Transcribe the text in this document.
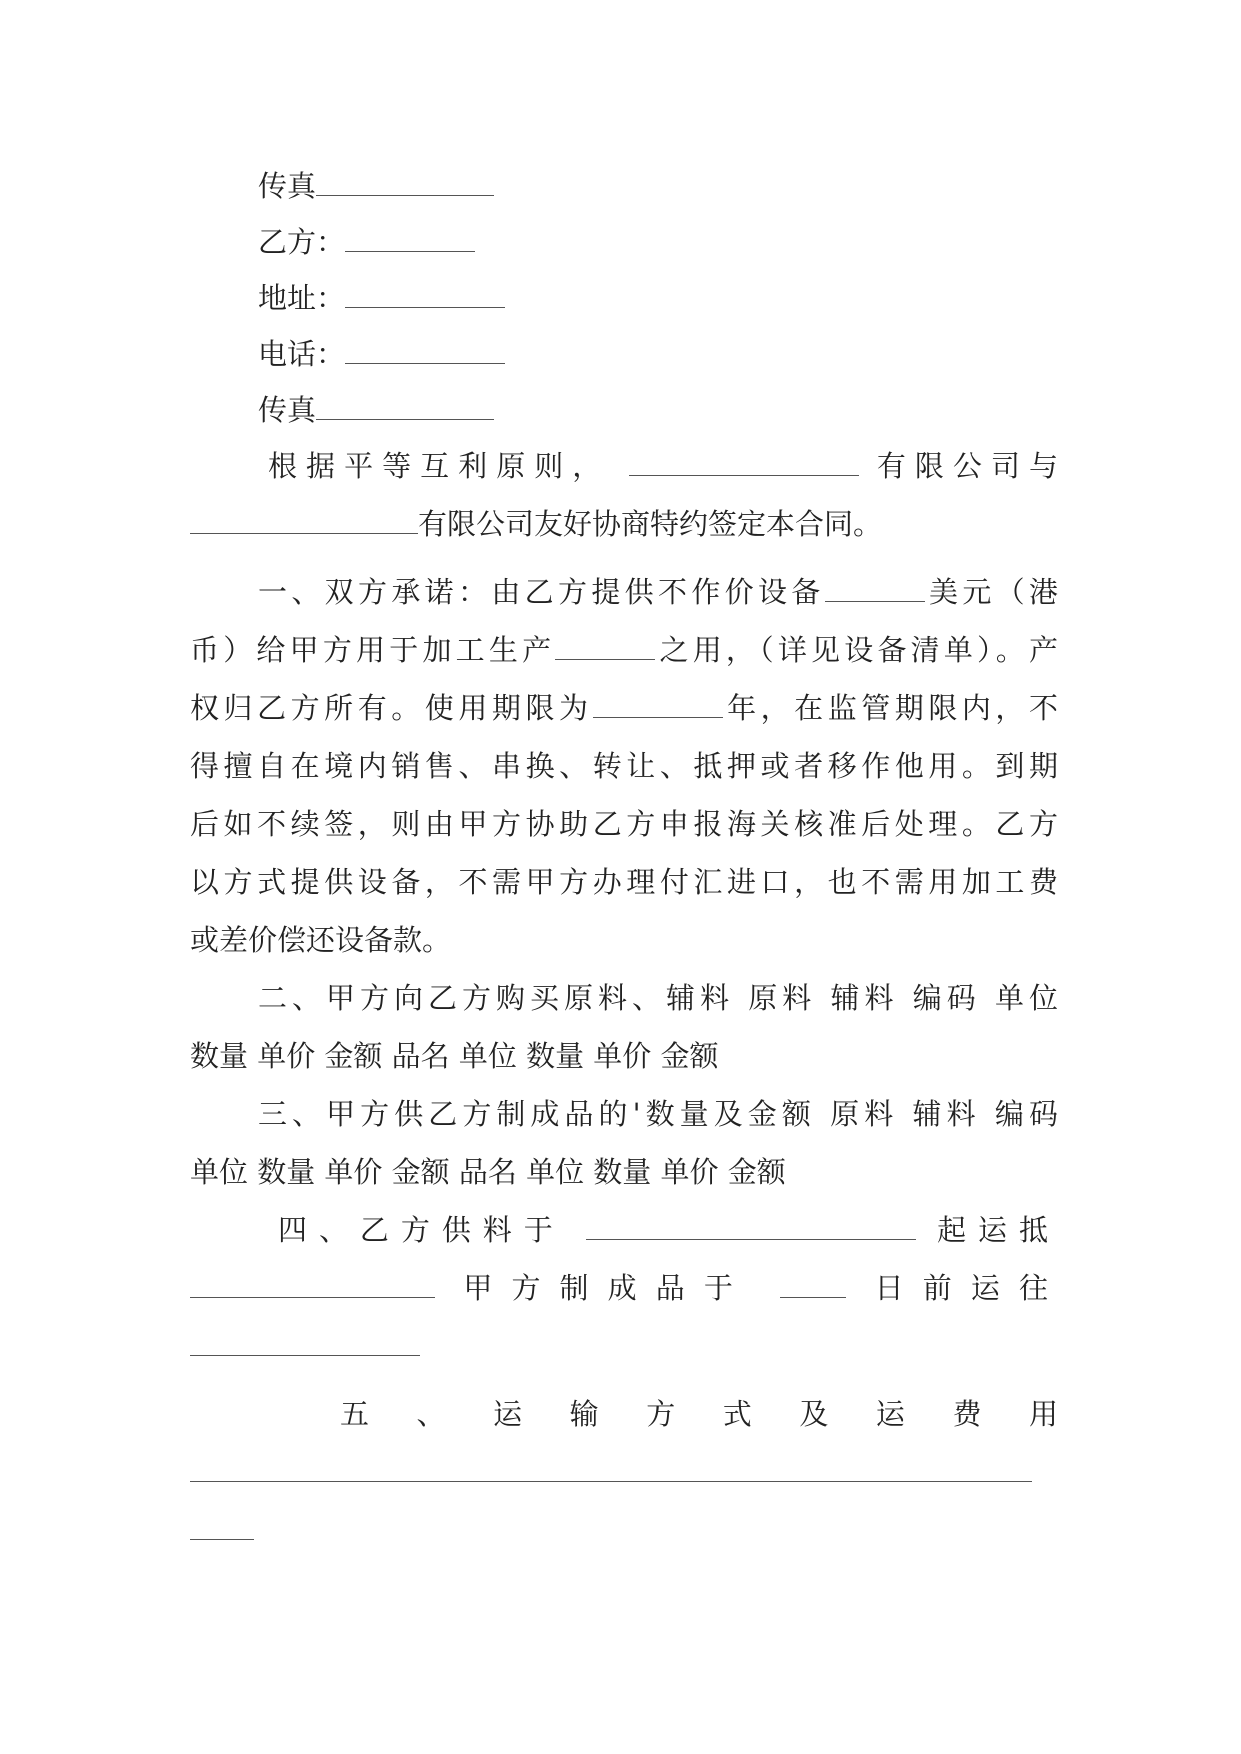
传真
乙方：
地址：
电话：
传真
根据平等互利原则，	有限公司与
有限公司友好协商特约签定本合同。
一、双方承诺：由乙方提供不作价设备	美元（港
币）给甲方用于加工生产	之用，（详见设备清单）。产
权归乙方所有。使用期限为	年，在监管期限内，不
得擅自在境内销售、串换、转让、抵押或者移作他用。到期
后如不续签，则由甲方协助乙方申报海关核准后处理。乙方
以方式提供设备，不需甲方办理付汇进口，也不需用加工费
或差价偿还设备款。
二、甲方向乙方购买原料、辅料 原料 辅料 编码 单位
数量 单价 金额 品名 单位 数量 单价 金额
三、甲方供乙方制成品的'数量及金额 原料 辅料 编码
单位 数量 单价 金额 品名 单位 数量 单价 金额
四、乙方供料于	起运抵
甲方制成品于	日前运往
五 、 运 输 方 式 及 运 费 用
